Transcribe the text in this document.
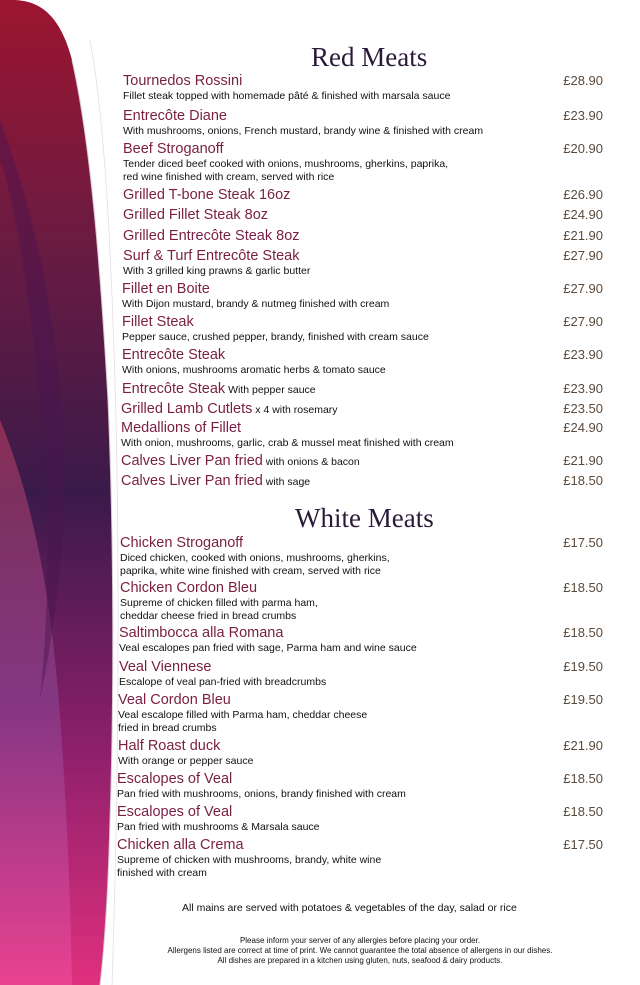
Red Meats
Tournedos Rossini	£28.90
Fillet steak topped with homemade pâté & finished with marsala sauce
Entrecôte Diane	£23.90
With mushrooms, onions, French mustard, brandy wine & finished with cream
Beef Stroganoff	£20.90
Tender diced beef cooked with onions, mushrooms, gherkins, paprika,
red wine finished with cream, served with rice
Grilled T-bone Steak 16oz	£26.90
Grilled Fillet Steak 8oz	£24.90
Grilled Entrecôte Steak 8oz	£21.90
Surf & Turf Entrecôte Steak	£27.90
With 3 grilled king prawns & garlic butter
Fillet en Boite	£27.90
With Dijon mustard, brandy & nutmeg finished with cream
Fillet Steak	£27.90
Pepper sauce, crushed pepper, brandy, finished with cream sauce
Entrecôte Steak	£23.90
With onions, mushrooms aromatic herbs & tomato sauce
Entrecôte Steak With pepper sauce	£23.90
Grilled Lamb Cutlets x 4 with rosemary	£23.50
Medallions of Fillet	£24.90
With onion, mushrooms, garlic, crab & mussel meat finished with cream
Calves Liver Pan fried with onions & bacon	£21.90
Calves Liver Pan fried with sage	£18.50
White Meats
Chicken Stroganoff	£17.50
Diced chicken, cooked with onions, mushrooms, gherkins,
paprika, white wine finished with cream, served with rice
Chicken Cordon Bleu	£18.50
Supreme of chicken filled with parma ham,
cheddar cheese fried in bread crumbs
Saltimbocca alla Romana	£18.50
Veal escalopes pan fried with sage, Parma ham and wine sauce
Veal Viennese	£19.50
Escalope of veal pan-fried with breadcrumbs
Veal Cordon Bleu	£19.50
Veal escalope filled with Parma ham, cheddar cheese
fried in bread crumbs
Half Roast duck	£21.90
With orange or pepper sauce
Escalopes of Veal	£18.50
Pan fried with mushrooms, onions, brandy finished with cream
Escalopes of Veal	£18.50
Pan fried with mushrooms & Marsala sauce
Chicken alla Crema	£17.50
Supreme of chicken with mushrooms, brandy, white wine
finished with cream
All mains are served with potatoes & vegetables of the day, salad or rice
Please inform your server of any allergies before placing your order.
Allergens listed are correct at time of print. We cannot guarantee the total absence of allergens in our dishes.
All dishes are prepared in a kitchen using gluten, nuts, seafood & dairy products.
